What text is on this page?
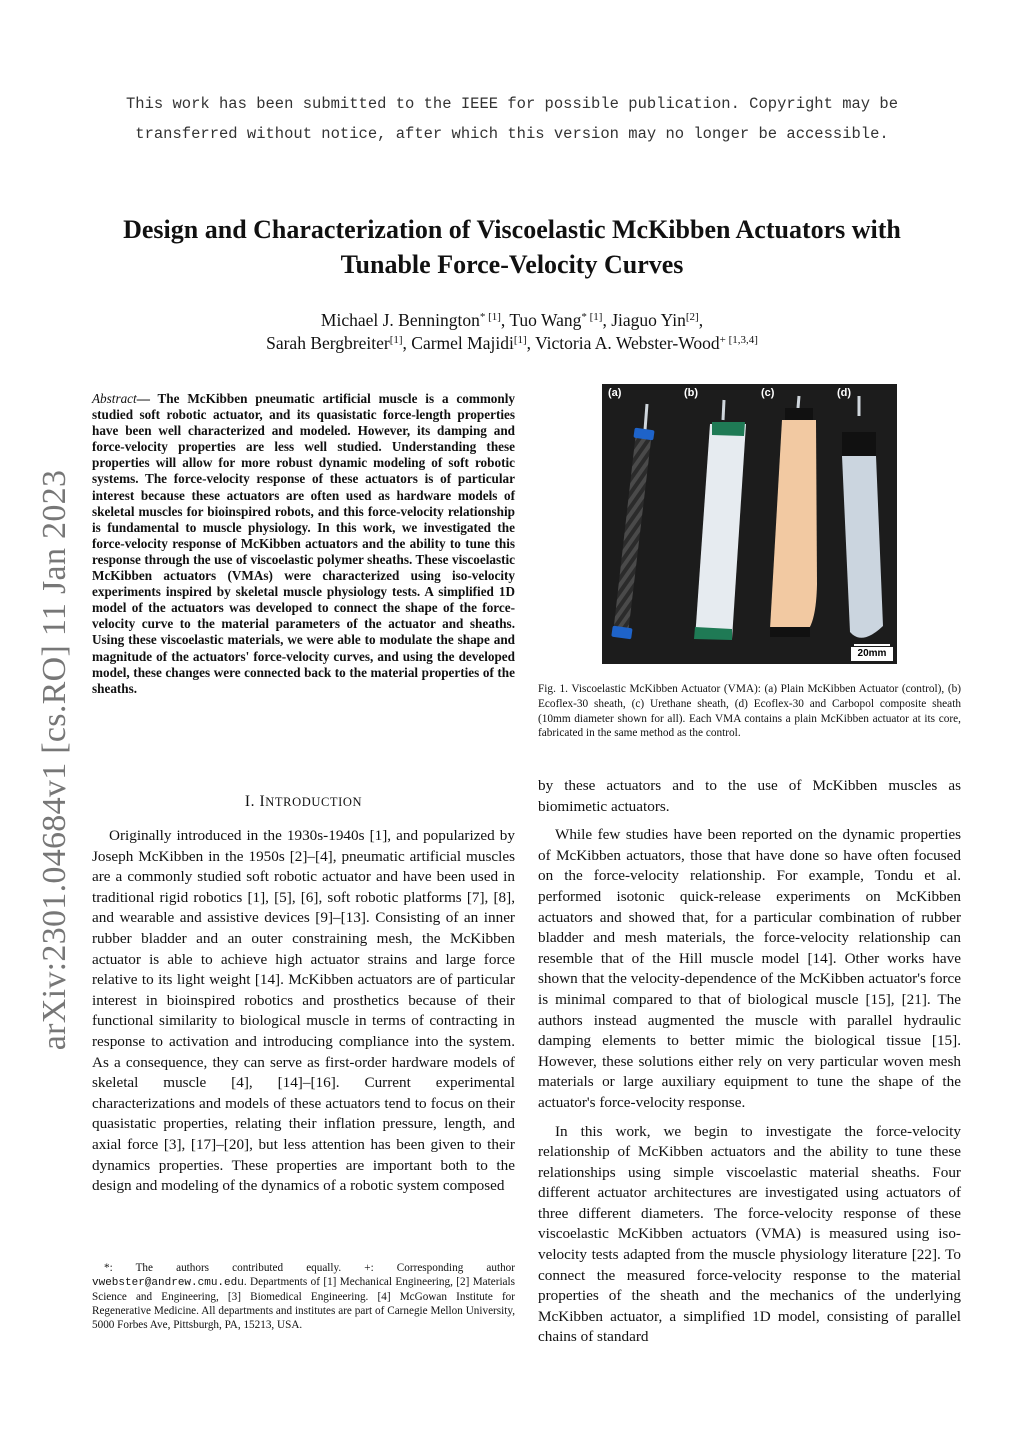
This work has been submitted to the IEEE for possible publication. Copyright may be
transferred without notice, after which this version may no longer be accessible.
Design and Characterization of Viscoelastic McKibben Actuators with
Tunable Force-Velocity Curves
Michael J. Bennington$^{* [1]}$, Tuo Wang$^{* [1]}$, Jiaguo Yin[2],
Sarah Bergbreiter[1], Carmel Majidi[1], Victoria A. Webster-Wood$^{+ [1,3,4]}$
arXiv:2301.04684v1 [cs.RO] 11 Jan 2023
Abstract— The McKibben pneumatic artificial muscle is a commonly studied soft robotic actuator, and its quasistatic force-length properties have been well characterized and modeled. However, its damping and force-velocity properties are less well studied. Understanding these properties will allow for more robust dynamic modeling of soft robotic systems. The force-velocity response of these actuators is of particular interest because these actuators are often used as hardware models of skeletal muscles for bioinspired robots, and this force-velocity relationship is fundamental to muscle physiology. In this work, we investigated the force-velocity response of McKibben actuators and the ability to tune this response through the use of viscoelastic polymer sheaths. These viscoelastic McKibben actuators (VMAs) were characterized using iso-velocity experiments inspired by skeletal muscle physiology tests. A simplified 1D model of the actuators was developed to connect the shape of the force-velocity curve to the material parameters of the actuator and sheaths. Using these viscoelastic materials, we were able to modulate the shape and magnitude of the actuators' force-velocity curves, and using the developed model, these changes were connected back to the material properties of the sheaths.
I. INTRODUCTION

Originally introduced in the 1930s-1940s [1], and popularized by Joseph McKibben in the 1950s [2]–[4], pneumatic artificial muscles are a commonly studied soft robotic actuator and have been used in traditional rigid robotics [1], [5], [6], soft robotic platforms [7], [8], and wearable and assistive devices [9]–[13]. Consisting of an inner rubber bladder and an outer constraining mesh, the McKibben actuator is able to achieve high actuator strains and large force relative to its light weight [14]. McKibben actuators are of particular interest in bioinspired robotics and prosthetics because of their functional similarity to biological muscle in terms of contracting in response to activation and introducing compliance into the system. As a consequence, they can serve as first-order hardware models of skeletal muscle [4], [14]–[16]. Current experimental characterizations and models of these actuators tend to focus on their quasistatic properties, relating their inflation pressure, length, and axial force [3], [17]–[20], but less attention has been given to their dynamics properties. These properties are important both to the design and modeling of the dynamics of a robotic system composed

*: The authors contributed equally. +: Corresponding author vwebster@andrew.cmu.edu. Departments of [1] Mechanical Engineering, [2] Materials Science and Engineering, [3] Biomedical Engineering. [4] McGowan Institute for Regenerative Medicine. All departments and institutes are part of Carnegie Mellon University, 5000 Forbes Ave, Pittsburgh, PA, 15213, USA.

(a)	(b)	(c)	(d)
20mm
Fig. 1. Viscoelastic McKibben Actuator (VMA): (a) Plain McKibben Actuator (control), (b) Ecoflex-30 sheath, (c) Urethane sheath, (d) Ecoflex-30 and Carbopol composite sheath (10mm diameter shown for all). Each VMA contains a plain McKibben actuator at its core, fabricated in the same method as the control.

by these actuators and to the use of McKibben muscles as biomimetic actuators.

While few studies have been reported on the dynamic properties of McKibben actuators, those that have done so have often focused on the force-velocity relationship. For example, Tondu et al. performed isotonic quick-release experiments on McKibben actuators and showed that, for a particular combination of rubber bladder and mesh materials, the force-velocity relationship can resemble that of the Hill muscle model [14]. Other works have shown that the velocity-dependence of the McKibben actuator's force is minimal compared to that of biological muscle [15], [21]. The authors instead augmented the muscle with parallel hydraulic damping elements to better mimic the biological tissue [15]. However, these solutions either rely on very particular woven mesh materials or large auxiliary equipment to tune the shape of the actuator's force-velocity response.

In this work, we begin to investigate the force-velocity relationship of McKibben actuators and the ability to tune these relationships using simple viscoelastic material sheaths. Four different actuator architectures are investigated using actuators of three different diameters. The force-velocity response of these viscoelastic McKibben actuators (VMA) is measured using iso-velocity tests adapted from the muscle physiology literature [22]. To connect the measured force-velocity response to the material properties of the sheath and the mechanics of the underlying McKibben actuator, a simplified 1D model, consisting of parallel chains of standard
